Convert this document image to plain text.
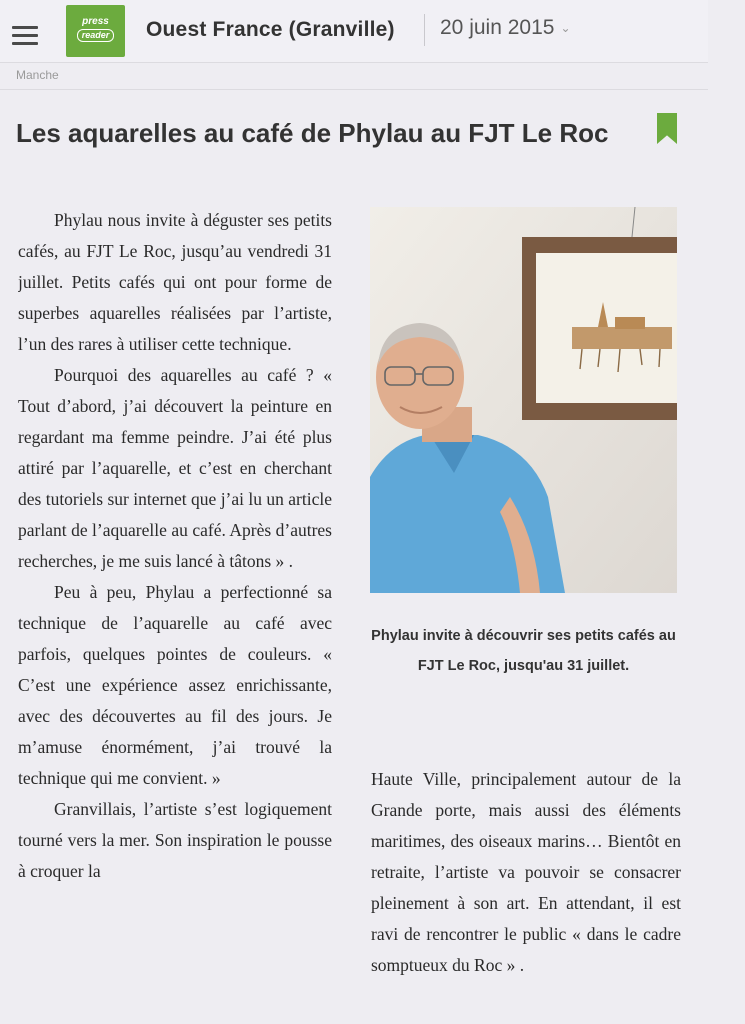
press
reader	Ouest France (Granville) 20 juin 2015 ⌄
Manche
Les aquarelles au café de Phylau au FJT Le Roc

Phylau nous invite à déguster ses petits cafés, au FJT Le Roc, jusqu’au vendredi 31 juillet. Petits cafés qui ont pour forme de superbes aquarelles réalisées par l’artiste, l’un des rares à utiliser cette technique.

Pourquoi des aquarelles au café ? « Tout d’abord, j’ai découvert la peinture en regardant ma femme peindre. J’ai été plus attiré par l’aquarelle, et c’est en cherchant des tutoriels sur internet que j’ai lu un article parlant de l’aquarelle au café. Après d’autres recherches, je me suis lancé à tâtons » .

Peu à peu, Phylau a perfectionné sa technique de l’aquarelle au café avec parfois, quelques pointes de couleurs. « C’est une expérience assez enrichissante, avec des découvertes au fil des jours. Je m’amuse énormément, j’ai trouvé la technique qui me convient. »

Granvillais, l’artiste s’est logiquement tourné vers la mer. Son inspiration le pousse à croquer la

Phylau invite à découvrir ses petits cafés au FJT Le Roc, jusqu'au 31 juillet.

Haute Ville, principalement autour de la Grande porte, mais aussi des éléments maritimes, des oiseaux marins… Bientôt en retraite, l’artiste va pouvoir se consacrer pleinement à son art. En attendant, il est ravi de rencontrer le public « dans le cadre somptueux du Roc » .
